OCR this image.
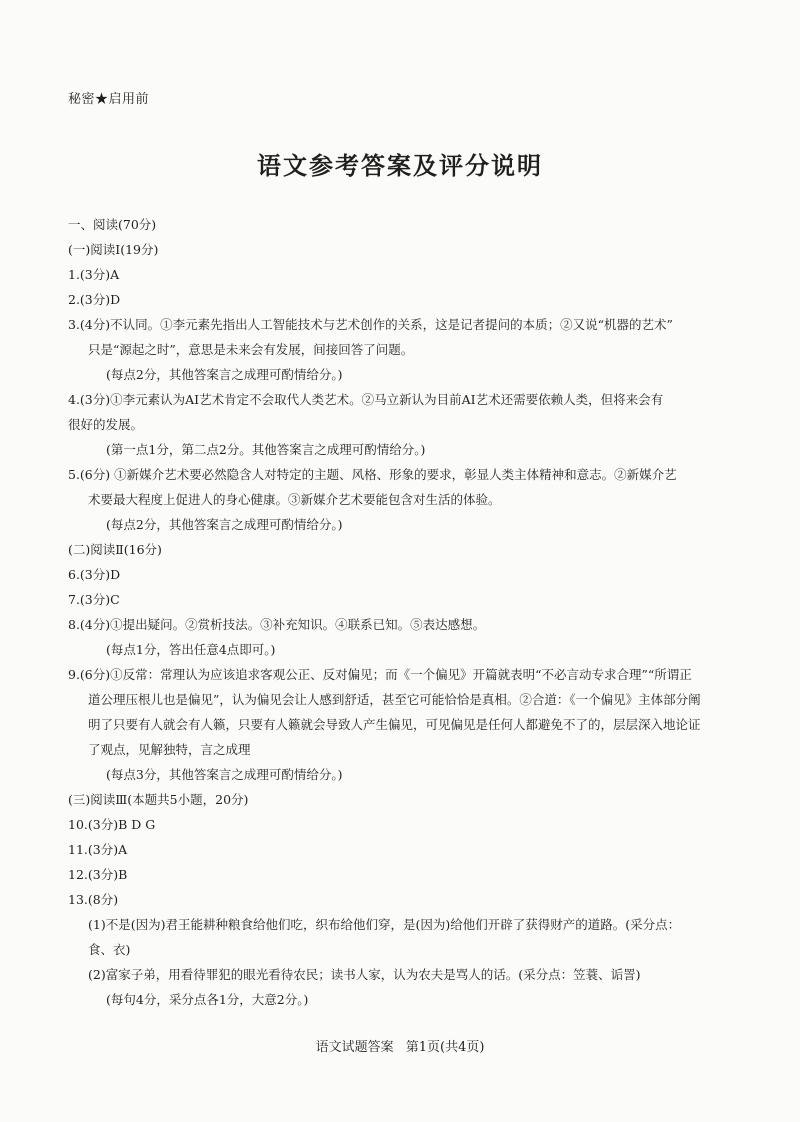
秘密★启用前
语文参考答案及评分说明
一、阅读(70分)
(一)阅读Ⅰ(19分)
1.(3分)A
2.(3分)D
3.(4分)不认同。①李元素先指出人工智能技术与艺术创作的关系，这是记者提问的本质；②又说“机器的艺术”
只是“源起之时”，意思是未来会有发展，间接回答了问题。
(每点2分，其他答案言之成理可酌情给分。)
4.(3分)①李元素认为AI艺术肯定不会取代人类艺术。②马立新认为目前AI艺术还需要依赖人类，但将来会有
很好的发展。
(第一点1分，第二点2分。其他答案言之成理可酌情给分。)
5.(6分) ①新媒介艺术要必然隐含人对特定的主题、风格、形象的要求，彰显人类主体精神和意志。②新媒介艺
术要最大程度上促进人的身心健康。③新媒介艺术要能包含对生活的体验。
(每点2分，其他答案言之成理可酌情给分。)
(二)阅读Ⅱ(16分)
6.(3分)D
7.(3分)C
8.(4分)①提出疑问。②赏析技法。③补充知识。④联系已知。⑤表达感想。
(每点1分，答出任意4点即可。)
9.(6分)①反常：常理认为应该追求客观公正、反对偏见；而《一个偏见》开篇就表明“不必言动专求合理”“所谓正
道公理压根儿也是偏见”，认为偏见会让人感到舒适，甚至它可能恰恰是真相。②合道：《一个偏见》主体部分阐
明了只要有人就会有人籁，只要有人籁就会导致人产生偏见，可见偏见是任何人都避免不了的，层层深入地论证
了观点，见解独特，言之成理
(每点3分，其他答案言之成理可酌情给分。)
(三)阅读Ⅲ(本题共5小题，20分)
10.(3分)B D G
11.(3分)A
12.(3分)B
13.(8分)
(1)不是(因为)君王能耕种粮食给他们吃，织布给他们穿，是(因为)给他们开辟了获得财产的道路。(采分点：
食、衣)
(2)富家子弟，用看待罪犯的眼光看待农民；读书人家，认为农夫是骂人的话。(采分点：笠蓑、诟詈)
(每句4分，采分点各1分，大意2分。)
语文试题答案 第1页(共4页)
